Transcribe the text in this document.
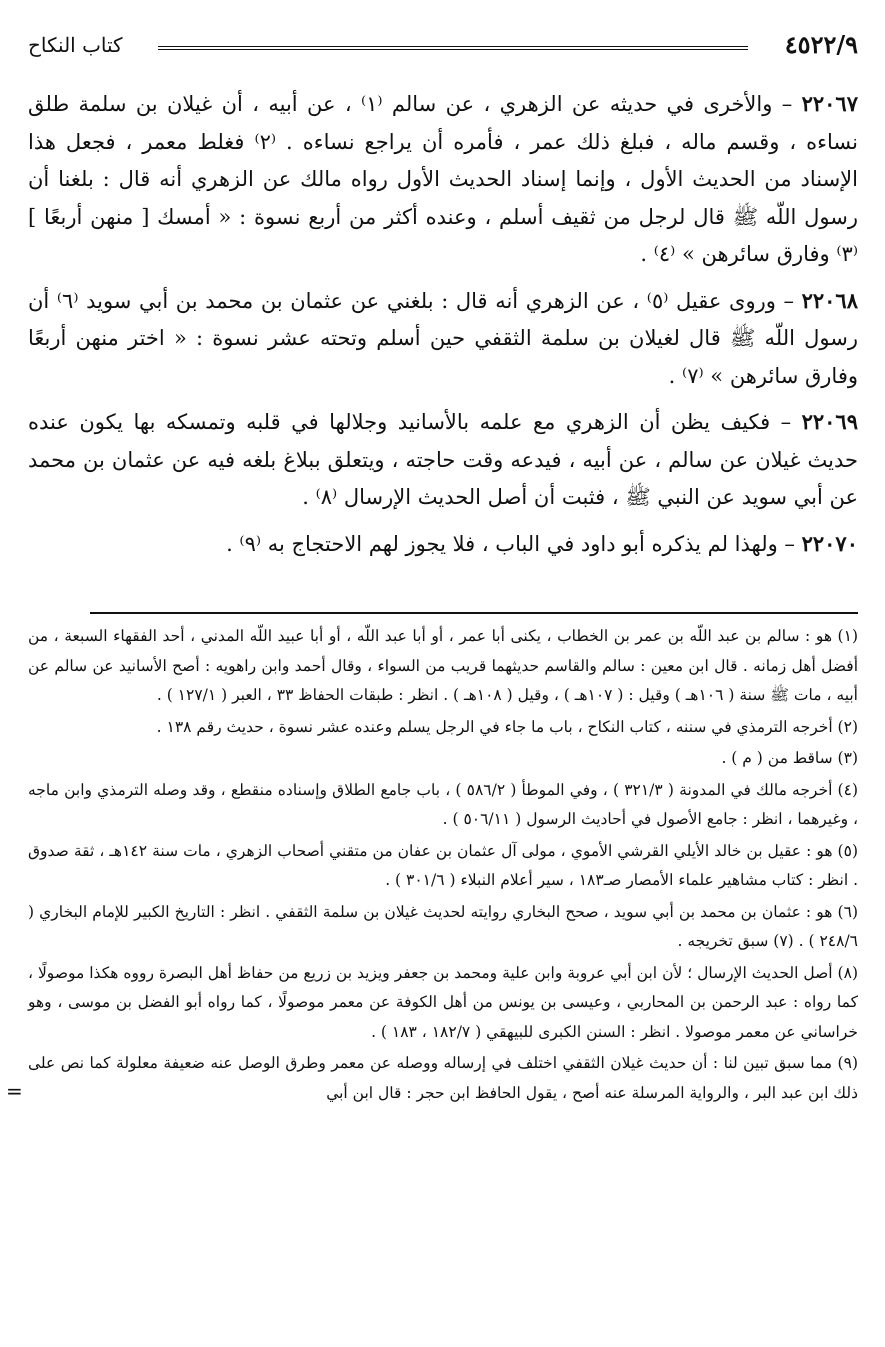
٤٥٢٢/٩
كتاب النكاح

٢٢٠٦٧ – والأخرى في حديثه عن الزهري ، عن سالم ⁽١⁾ ، عن أبيه ، أن غيلان بن سلمة طلق نساءه ، وقسم ماله ، فبلغ ذلك عمر ، فأمره أن يراجع نساءه . ⁽٢⁾ فغلط معمر ، فجعل هذا الإسناد من الحديث الأول ، وإنما إسناد الحديث الأول رواه مالك عن الزهري أنه قال : بلغنا أن رسول اللّه ﷺ قال لرجل من ثقيف أسلم ، وعنده أكثر من أربع نسوة : « أمسك [ منهن أربعًا ] ⁽٣⁾ وفارق سائرهن » ⁽٤⁾ .

٢٢٠٦٨ – وروى عقيل ⁽٥⁾ ، عن الزهري أنه قال : بلغني عن عثمان بن محمد بن أبي سويد ⁽٦⁾ أن رسول اللّه ﷺ قال لغيلان بن سلمة الثقفي حين أسلم وتحته عشر نسوة : « اختر منهن أربعًا وفارق سائرهن » ⁽٧⁾ .

٢٢٠٦٩ – فكيف يظن أن الزهري مع علمه بالأسانيد وجلالها في قلبه وتمسكه بها يكون عنده حديث غيلان عن سالم ، عن أبيه ، فيدعه وقت حاجته ، ويتعلق ببلاغ بلغه فيه عن عثمان بن محمد عن أبي سويد عن النبي ﷺ ، فثبت أن أصل الحديث الإرسال ⁽٨⁾ .

٢٢٠٧٠ – ولهذا لم يذكره أبو داود في الباب ، فلا يجوز لهم الاحتجاج به ⁽٩⁾ .

(١) هو : سالم بن عبد اللّه بن عمر بن الخطاب ، يكنى أبا عمر ، أو أبا عبد اللّه ، أو أبا عبيد اللّه المدني ، أحد الفقهاء السبعة ، من أفضل أهل زمانه . قال ابن معين : سالم والقاسم حديثهما قريب من السواء ، وقال أحمد وابن راهويه : أصح الأسانيد عن سالم عن أبيه ، مات ﷺ سنة ( ١٠٦هـ ) وقيل : ( ١٠٧هـ ) ، وقيل ( ١٠٨هـ ) . انظر : طبقات الحفاظ ٣٣ ، العبر ( ١٢٧/١ ) .

(٢) أخرجه الترمذي في سننه ، كتاب النكاح ، باب ما جاء في الرجل يسلم وعنده عشر نسوة ، حديث رقم ١٣٨ .

(٣) ساقط من ( م ) .

(٤) أخرجه مالك في المدونة ( ٣٢١/٣ ) ، وفي الموطأ ( ٥٨٦/٢ ) ، باب جامع الطلاق وإسناده منقطع ، وقد وصله الترمذي وابن ماجه ، وغيرهما ، انظر : جامع الأصول في أحاديث الرسول ( ٥٠٦/١١ ) .

(٥) هو : عقيل بن خالد الأيلي القرشي الأموي ، مولى آل عثمان بن عفان من متقني أصحاب الزهري ، مات سنة ١٤٢هـ ، ثقة صدوق . انظر : كتاب مشاهير علماء الأمصار صـ١٨٣ ، سير أعلام النبلاء ( ٣٠١/٦ ) .

(٦) هو : عثمان بن محمد بن أبي سويد ، صحح البخاري روايته لحديث غيلان بن سلمة الثقفي . انظر : التاريخ الكبير للإمام البخاري ( ٢٤٨/٦ ) . (٧) سبق تخريجه .

(٨) أصل الحديث الإرسال ؛ لأن ابن أبي عروبة وابن علية ومحمد بن جعفر ويزيد بن زريع من حفاظ أهل البصرة رووه هكذا موصولًا ، كما رواه : عبد الرحمن بن المحاربي ، وعيسى بن يونس من أهل الكوفة عن معمر موصولًا ، كما رواه أبو الفضل بن موسى ، وهو خراساني عن معمر موصولا . انظر : السنن الكبرى للبيهقي ( ١٨٢/٧ ، ١٨٣ ) .

(٩) مما سبق تبين لنا : أن حديث غيلان الثقفي اختلف في إرساله ووصله عن معمر وطرق الوصل عنه ضعيفة معلولة كما نص على ذلك ابن عبد البر ، والرواية المرسلة عنه أصح ، يقول الحافظ ابن حجر : قال ابن أبي

=
